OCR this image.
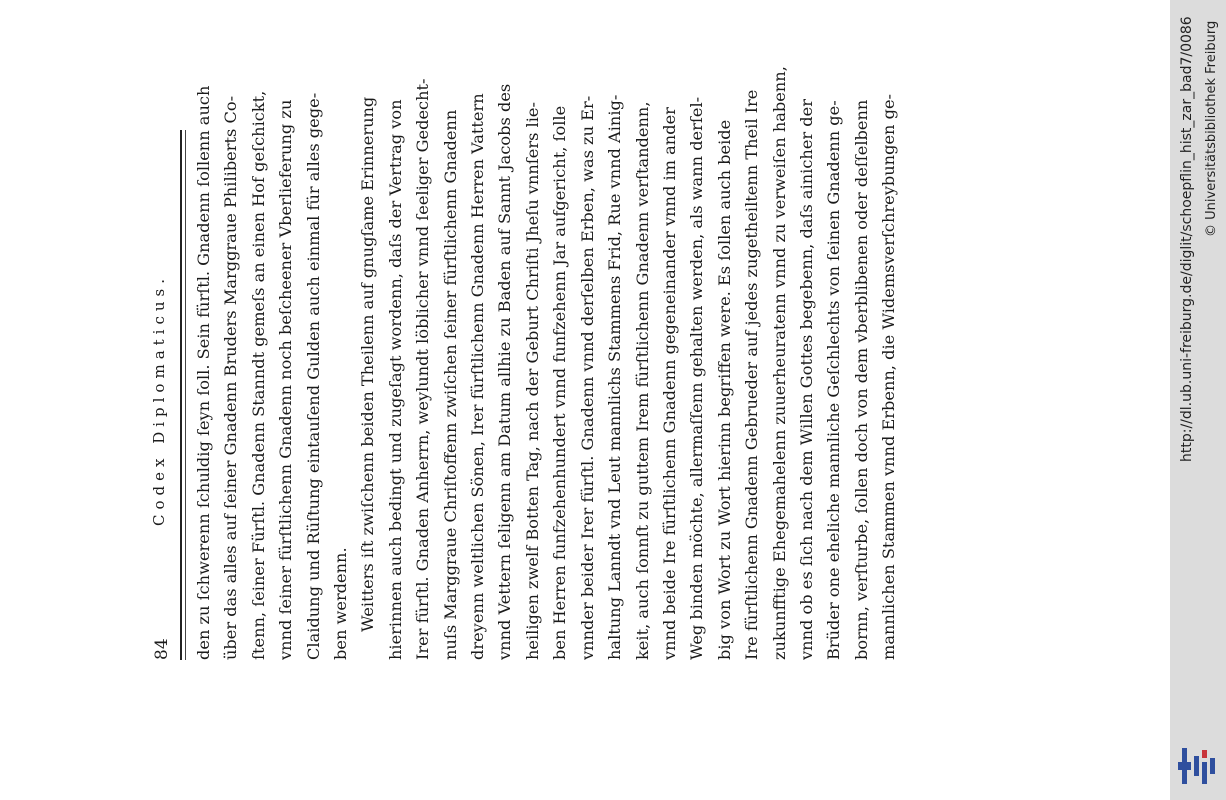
84
Codex Diplomaticus. den zu ſchwerenn ſchuldig ſeyn ſoll. Sein fürſtl. Gnadenn ſollenn auch über das alles auf ſeiner Gnadenn Bruders Marggraue Philiberts Co- ſtenn, ſeiner Fürſtl. Gnadenn Stanndt gemeſs an einen Hof geſchickt, vnnd ſeiner fürſtlichenn Gnadenn noch beſcheener Vberlieferung zu Claidung und Rüſtung eintauſend Gulden auch einmal für alles gege- ben werdenn. Weitters iſt zwiſchenn beiden Theilenn auf gnugſame Erinnerung hierinnen auch bedingt und zugeſagt wordenn, daſs der Vertrag von Irer fürſtl. Gnaden Anherrn, weylundt löblicher vnnd ſeeliger Gedecht- nuſs Marggraue Chriſtoffenn zwiſchen ſeiner fürſtlichenn Gnadenn dreyenn weltlichen Sönen, Irer fürſtlichenn Gnadenn Herren Vattern vnnd Vettern ſeligenn am Datum allhie zu Baden auf Sannt Jacobs des heiligen zwelf Botten Tag, nach der Geburt Chriſti Jheſu vnnſers lie- ben Herren funfzehenhundert vnnd funfzehenn Jar aufgericht, ſolle vnnder beider Irer fürſtl. Gnadenn vnnd derſelben Erben, was zu Er- haltung Lanndt vnd Leut mannlichs Stammens Frid, Rue vnnd Ainig- keit, auch ſonnſt zu guttem Irem fürſtlichenn Gnadenn verſtandenn, vnnd beide Ire fürſtlichenn Gnadenn gegeneinander vnnd im ander Weg binden möchte, allermaſſenn gehalten werden, als wann derſel- big von Wort zu Wort hierinn begriffen were. Es ſollen auch beide Ire fürſtlichenn Gnadenn Gebrueder auf jedes zugetheiltenn Theil Ire zukunfftige Ehegemahelenn zuuerheuratenn vnnd zu verweiſen habenn, vnnd ob es ſich nach dem Willen Gottes begebenn, daſs ainicher der Brüder one eheliche mannliche Geſchlechts von ſeinen Gnadenn ge- bornn, verſturbe, ſollen doch von dem vberblibenen oder deſſelbenn mannlichen Stammen vnnd Erbenn, die Widemsverſchreybungen ge-	http://dl.ub.uni-freiburg.de/diglit/schoepflin_hist_zar_bad7/0086 © Universitätsbibliothek Freiburg
